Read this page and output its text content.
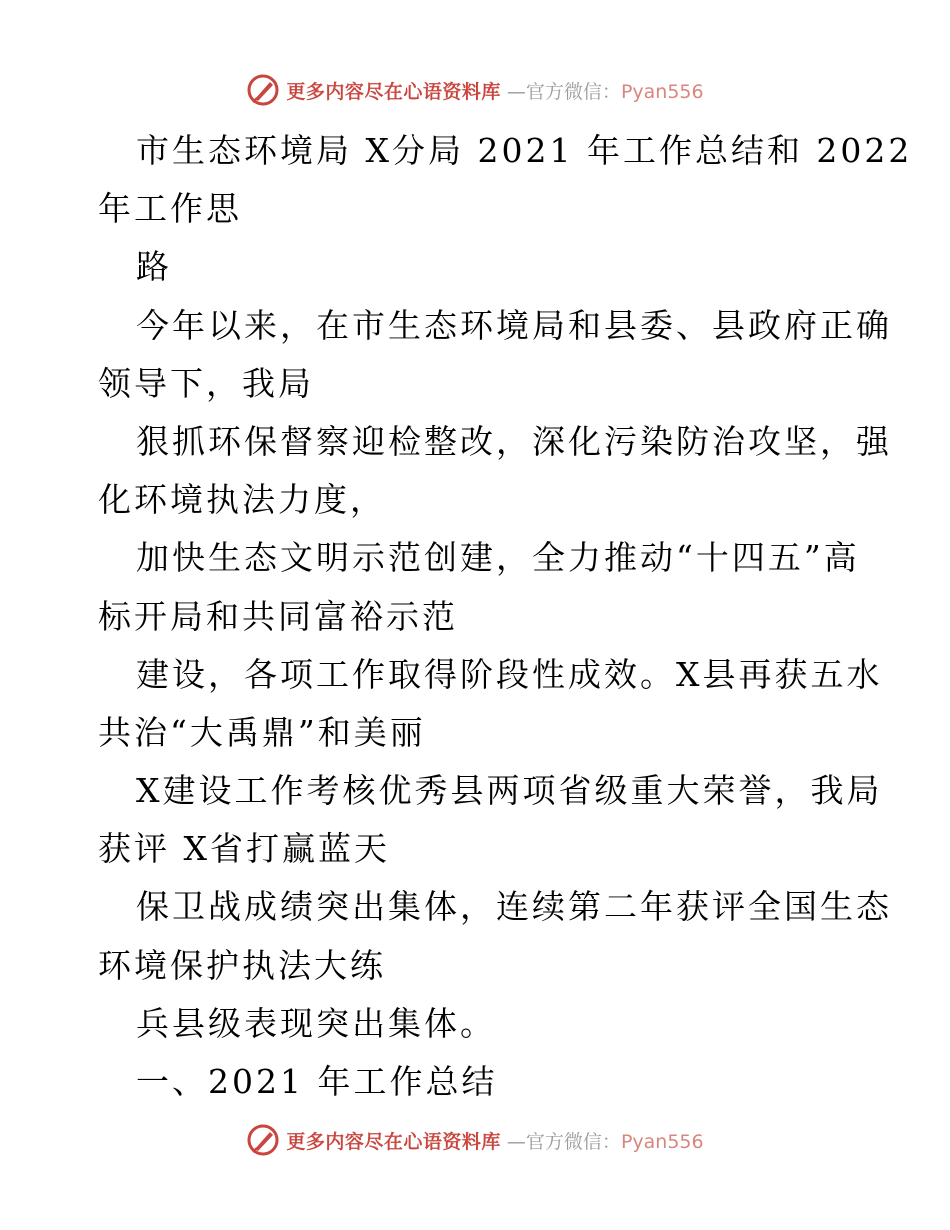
更多内容尽在心语资料库 —官方微信：Pyan556
市生态环境局 X分局 2021 年工作总结和 2022
年工作思
路
今年以来，在市生态环境局和县委、县政府正确
领导下，我局
狠抓环保督察迎检整改，深化污染防治攻坚，强
化环境执法力度，
加快生态文明示范创建，全力推动“十四五”高
标开局和共同富裕示范
建设，各项工作取得阶段性成效。X县再获五水
共治“大禹鼎”和美丽
X建设工作考核优秀县两项省级重大荣誉，我局
获评 X省打赢蓝天
保卫战成绩突出集体，连续第二年获评全国生态
环境保护执法大练
兵县级表现突出集体。
一、2021 年工作总结
更多内容尽在心语资料库 —官方微信：Pyan556
